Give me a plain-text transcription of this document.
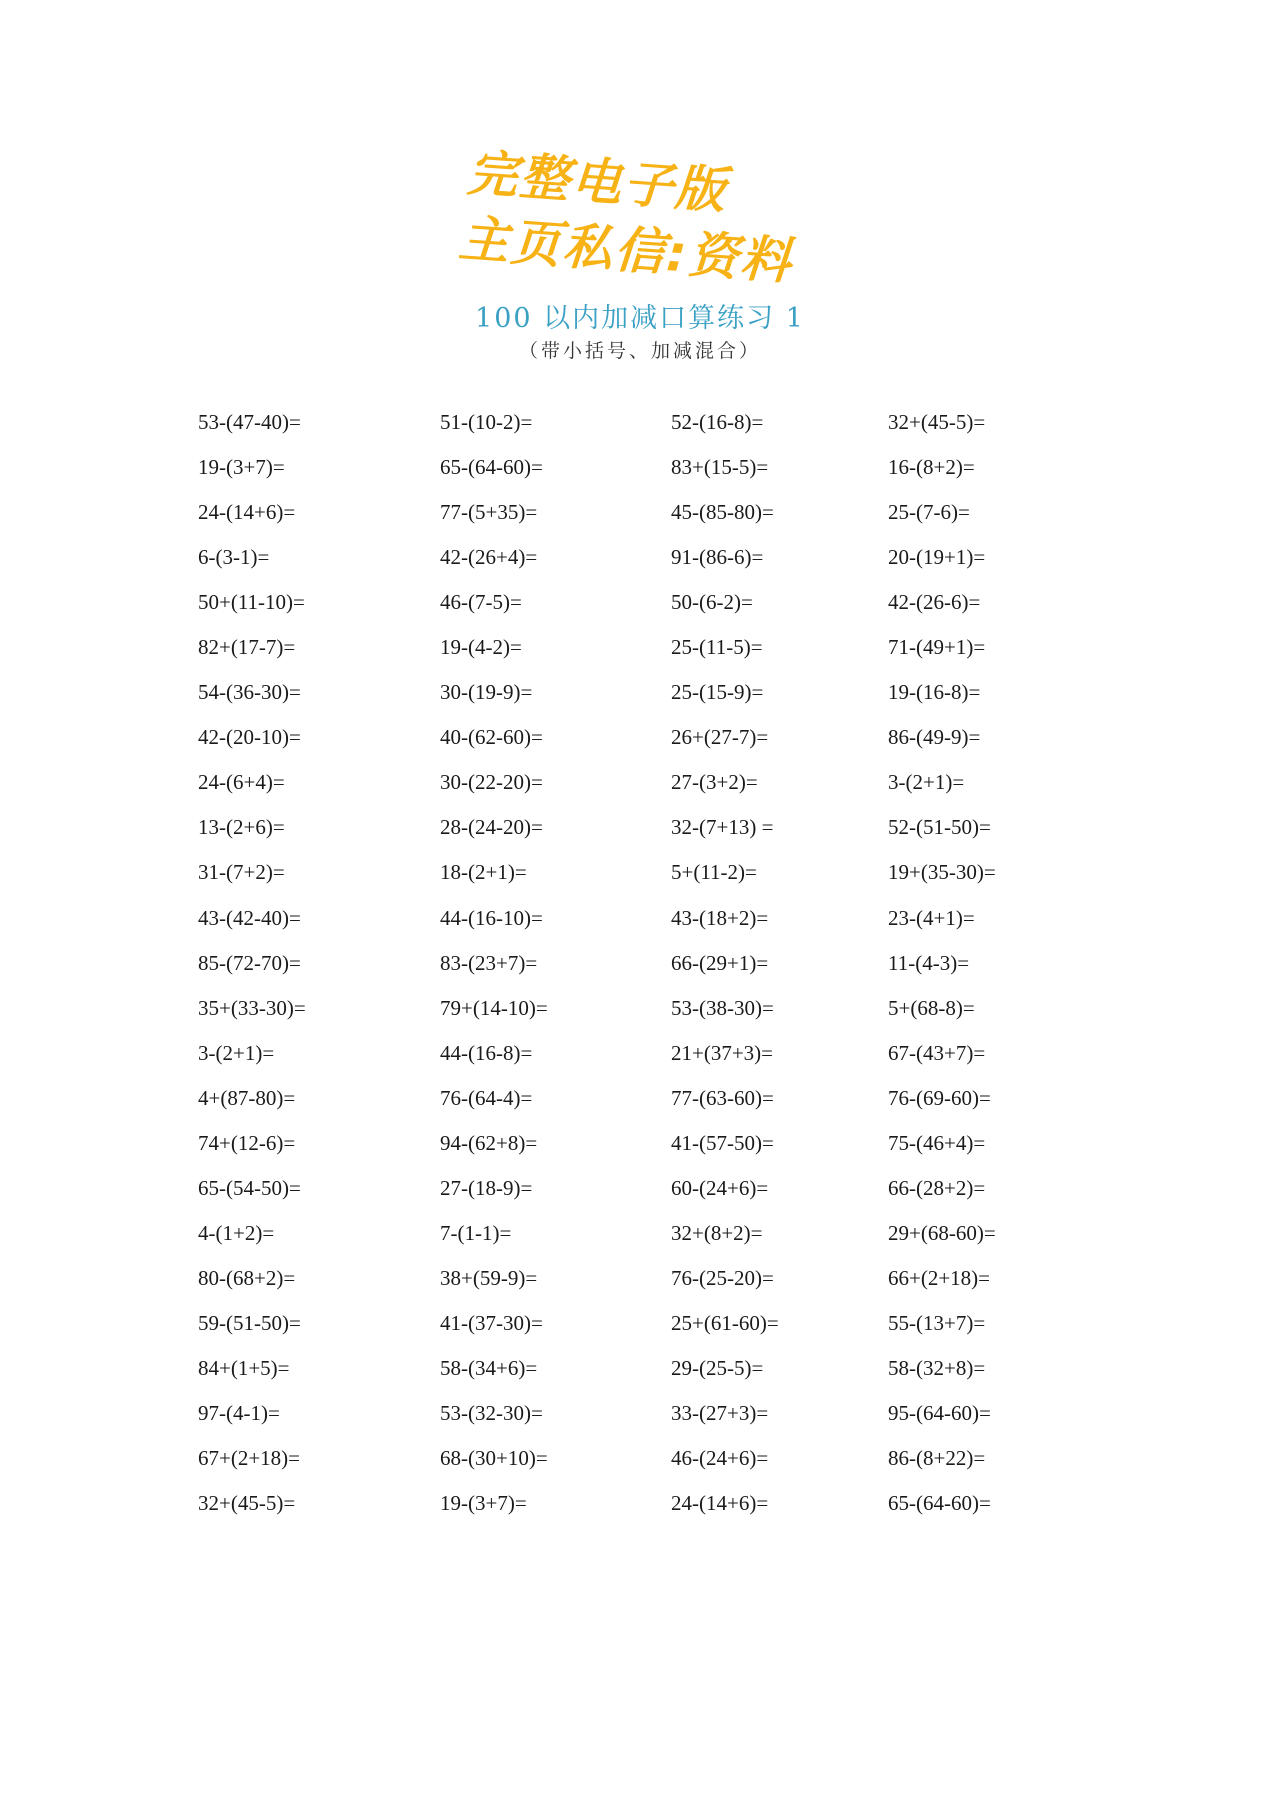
完整电子版
主页私信:资料
100 以内加减口算练习 1
（带小括号、加减混合）
53-(47-40)=	51-(10-2)=	52-(16-8)=	32+(45-5)=
19-(3+7)=	65-(64-60)=	83+(15-5)=	16-(8+2)=
24-(14+6)=	77-(5+35)=	45-(85-80)=	25-(7-6)=
6-(3-1)=	42-(26+4)=	91-(86-6)=	20-(19+1)=
50+(11-10)=	46-(7-5)=	50-(6-2)=	42-(26-6)=
82+(17-7)=	19-(4-2)=	25-(11-5)=	71-(49+1)=
54-(36-30)=	30-(19-9)=	25-(15-9)=	19-(16-8)=
42-(20-10)=	40-(62-60)=	26+(27-7)=	86-(49-9)=
24-(6+4)=	30-(22-20)=	27-(3+2)=	3-(2+1)=
13-(2+6)=	28-(24-20)=	32-(7+13) =	52-(51-50)=
31-(7+2)=	18-(2+1)=	5+(11-2)=	19+(35-30)=
43-(42-40)=	44-(16-10)=	43-(18+2)=	23-(4+1)=
85-(72-70)=	83-(23+7)=	66-(29+1)=	11-(4-3)=
35+(33-30)=	79+(14-10)=	53-(38-30)=	5+(68-8)=
3-(2+1)=	44-(16-8)=	21+(37+3)=	67-(43+7)=
4+(87-80)=	76-(64-4)=	77-(63-60)=	76-(69-60)=
74+(12-6)=	94-(62+8)=	41-(57-50)=	75-(46+4)=
65-(54-50)=	27-(18-9)=	60-(24+6)=	66-(28+2)=
4-(1+2)=	7-(1-1)=	32+(8+2)=	29+(68-60)=
80-(68+2)=	38+(59-9)=	76-(25-20)=	66+(2+18)=
59-(51-50)=	41-(37-30)=	25+(61-60)=	55-(13+7)=
84+(1+5)=	58-(34+6)=	29-(25-5)=	58-(32+8)=
97-(4-1)=	53-(32-30)=	33-(27+3)=	95-(64-60)=
67+(2+18)=	68-(30+10)=	46-(24+6)=	86-(8+22)=
32+(45-5)=	19-(3+7)=	24-(14+6)=	65-(64-60)=
